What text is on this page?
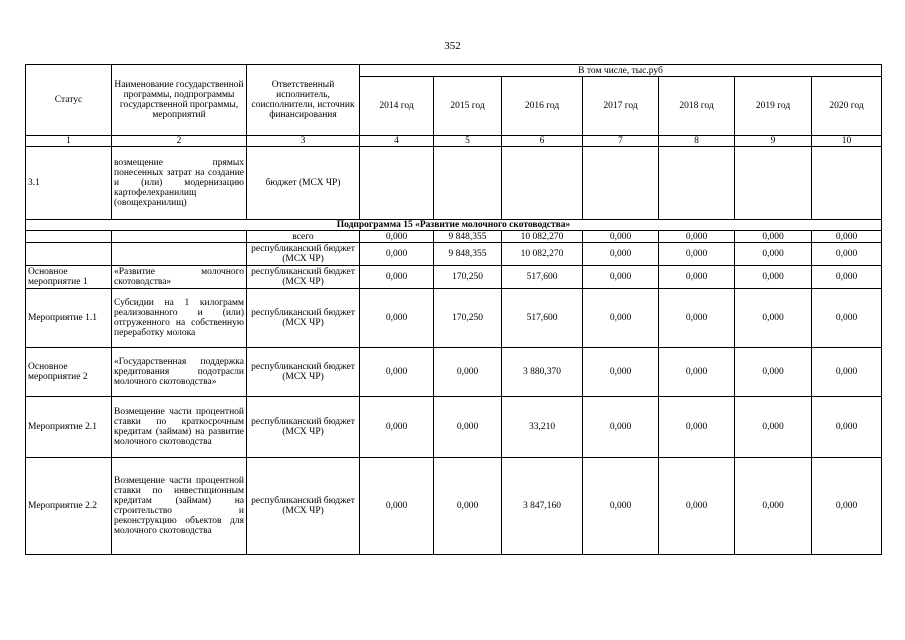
352
Статус	Наименование государственной программы, подпрограммы государственной программы, мероприятий	Ответственный исполнитель, соисполнители, источник финансирования	В том числе, тыс.руб						
			2014 год	2015 год	2016 год	2017 год	2018 год	2019 год	2020 год
1	2	3	4	5	6	7	8	9	10
3.1	возмещение прямых понесенных затрат на создание и (или) модернизацию картофелехранилищ (овощехранилищ)	бюджет (МСХ ЧР)							
Подпрограмма 15 «Развитие молочного скотоводства»									
		всего	0,000	9 848,355	10 082,270	0,000	0,000	0,000	0,000
		республиканский бюджет (МСХ ЧР)	0,000	9 848,355	10 082,270	0,000	0,000	0,000	0,000
Основное мероприятие 1	«Развитие молочного скотоводства»	республиканский бюджет (МСХ ЧР)	0,000	170,250	517,600	0,000	0,000	0,000	0,000
Мероприятие 1.1	Субсидии на 1 килограмм реализованного и (или) отгруженного на собственную переработку молока	республиканский бюджет (МСХ ЧР)	0,000	170,250	517,600	0,000	0,000	0,000	0,000
Основное мероприятие 2	«Государственная поддержка кредитования подотрасли молочного скотоводства»	республиканский бюджет (МСХ ЧР)	0,000	0,000	3 880,370	0,000	0,000	0,000	0,000
Мероприятие 2.1	Возмещение части процентной ставки по краткосрочным кредитам (займам) на развитие молочного скотоводства	республиканский бюджет (МСХ ЧР)	0,000	0,000	33,210	0,000	0,000	0,000	0,000
Мероприятие 2.2	Возмещение части процентной ставки по инвестиционным кредитам (займам) на строительство и реконструкцию объектов для молочного скотоводства	республиканский бюджет (МСХ ЧР)	0,000	0,000	3 847,160	0,000	0,000	0,000	0,000
